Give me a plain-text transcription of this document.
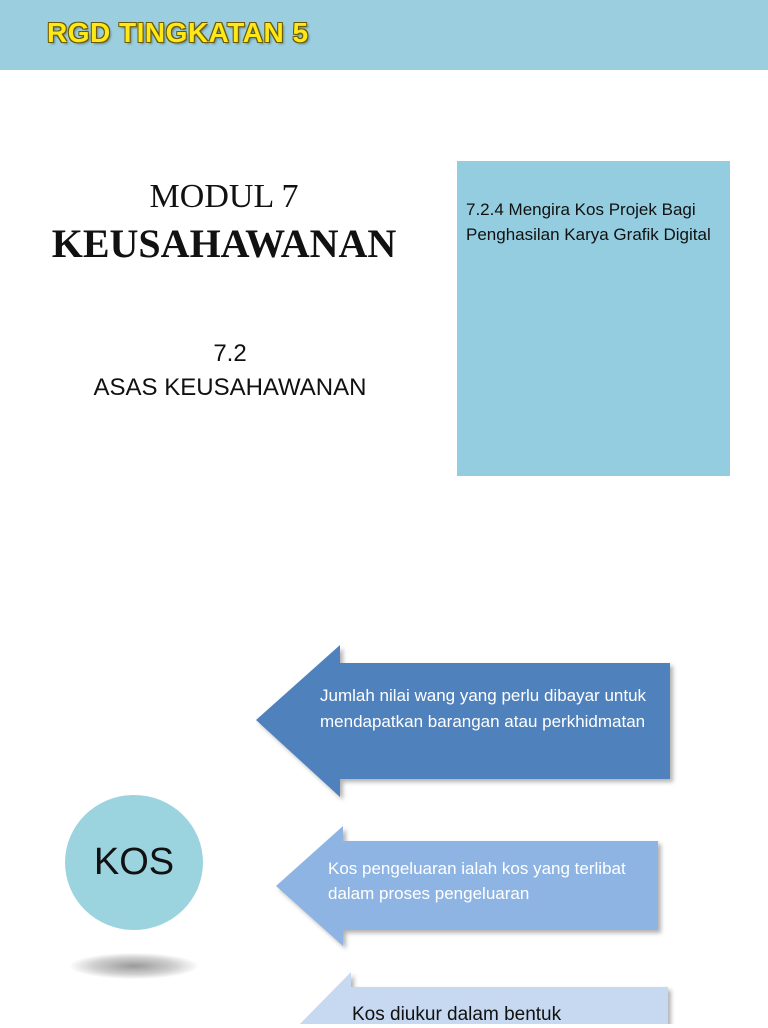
RGD TINGKATAN 5
MODUL 7
KEUSAHAWANAN
7.2
ASAS KEUSAHAWANAN
7.2.4 Mengira Kos Projek Bagi Penghasilan Karya Grafik Digital
KOS
Jumlah nilai wang yang perlu dibayar untuk mendapatkan barangan atau perkhidmatan
Kos pengeluaran ialah kos yang terlibat dalam proses pengeluaran
Kos diukur dalam bentuk
